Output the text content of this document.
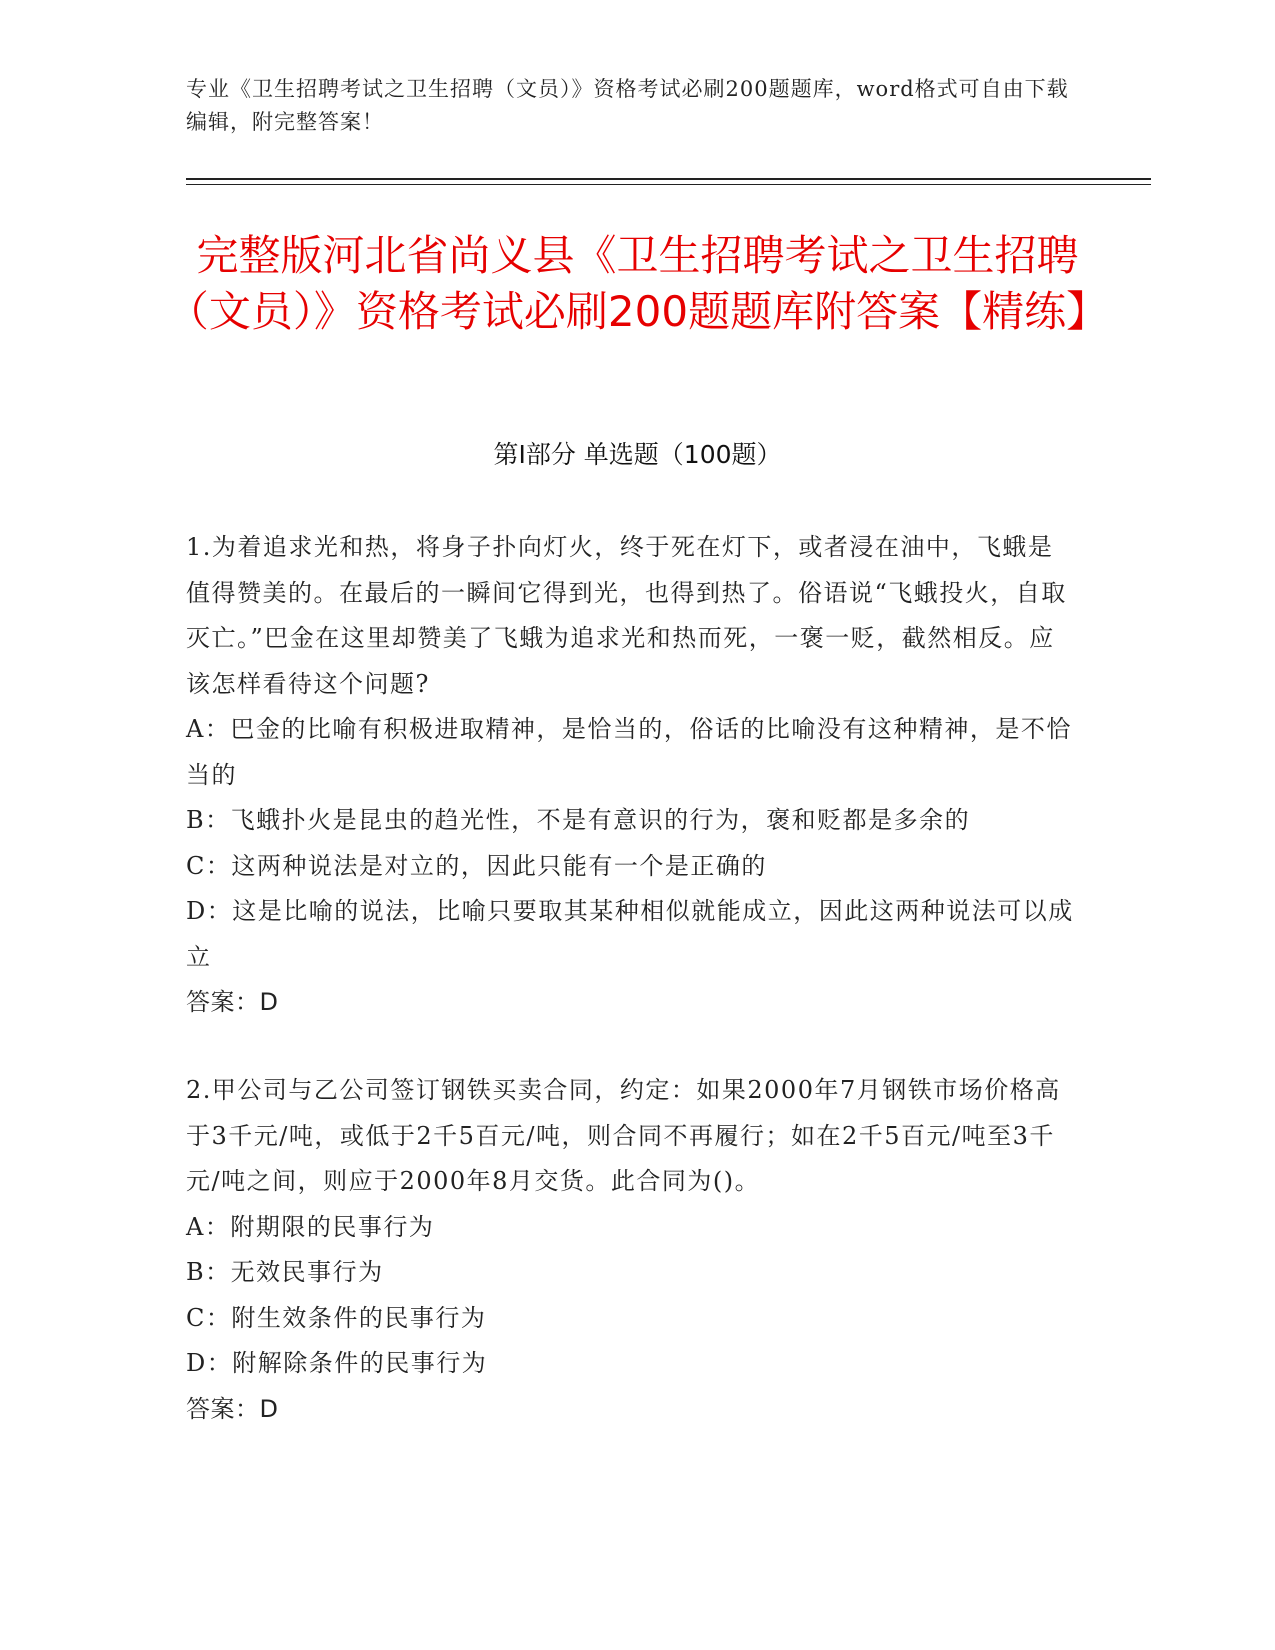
专业《卫生招聘考试之卫生招聘（文员）》资格考试必刷200题题库，word格式可自由下载编辑，附完整答案！
完整版河北省尚义县《卫生招聘考试之卫生招聘（文员）》资格考试必刷200题题库附答案【精练】
第Ⅰ部分 单选题（100题）

1.为着追求光和热，将身子扑向灯火，终于死在灯下，或者浸在油中，飞蛾是值得赞美的。在最后的一瞬间它得到光，也得到热了。俗语说“飞蛾投火，自取灭亡。”巴金在这里却赞美了飞蛾为追求光和热而死，一褒一贬，截然相反。应该怎样看待这个问题?

A：巴金的比喻有积极进取精神，是恰当的，俗话的比喻没有这种精神，是不恰当的

B：飞蛾扑火是昆虫的趋光性，不是有意识的行为，褒和贬都是多余的

C：这两种说法是对立的，因此只能有一个是正确的

D：这是比喻的说法，比喻只要取其某种相似就能成立，因此这两种说法可以成立

答案：D

2.甲公司与乙公司签订钢铁买卖合同，约定：如果2000年7月钢铁市场价格高于3千元/吨，或低于2千5百元/吨，则合同不再履行；如在2千5百元/吨至3千元/吨之间，则应于2000年8月交货。此合同为()。

A：附期限的民事行为

B：无效民事行为

C：附生效条件的民事行为

D：附解除条件的民事行为

答案：D
